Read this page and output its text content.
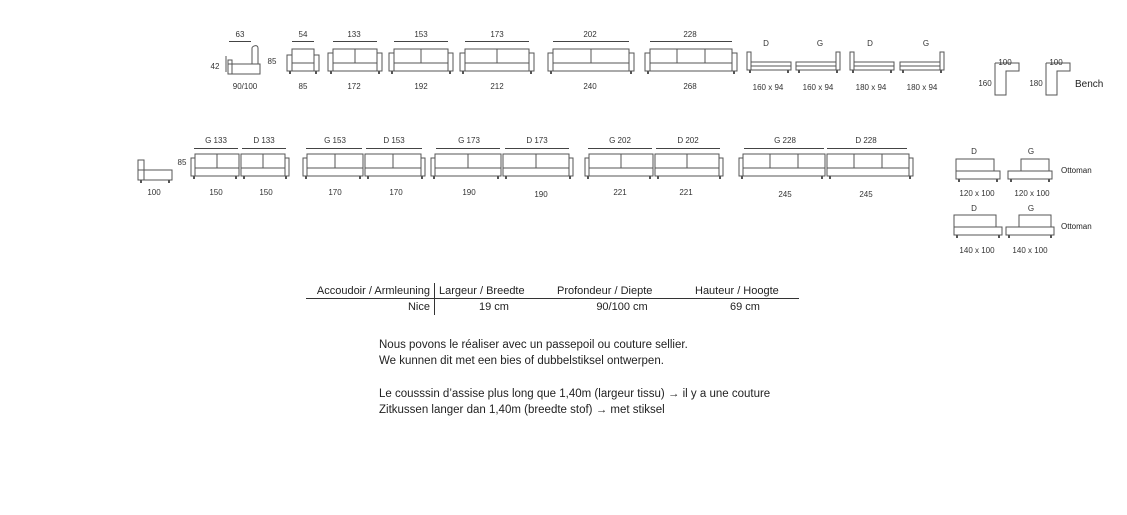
63
42
85
90/100
54
85
133
172
153
192
173
212
202
240
228
268
D
160 x 94
G
160 x 94
D
180 x 94
G
180 x 94
100
160
100
180	Bench
85
100
G 133
150
D 133
150
G 153
170
D 153
170
G 173
190
D 173
190
G 202
221
D 202
221
G 228
245
D 228
245
D
120 x 100
G
120 x 100
Ottoman
D
140 x 100
G
140 x 100
Ottoman
Accoudoir / Armleuning	Largeur / Breedte	Profondeur / Diepte	Hauteur / Hoogte
Nice	19 cm	90/100 cm	69 cm
Nous povons le réaliser avec un passepoil ou couture sellier.
We kunnen dit met een bies of dubbelstiksel ontwerpen.
Le cousssin d’assise plus long que 1,40m (largeur tissu) → il y a une couture
Zitkussen langer dan 1,40m (breedte stof) → met stiksel
